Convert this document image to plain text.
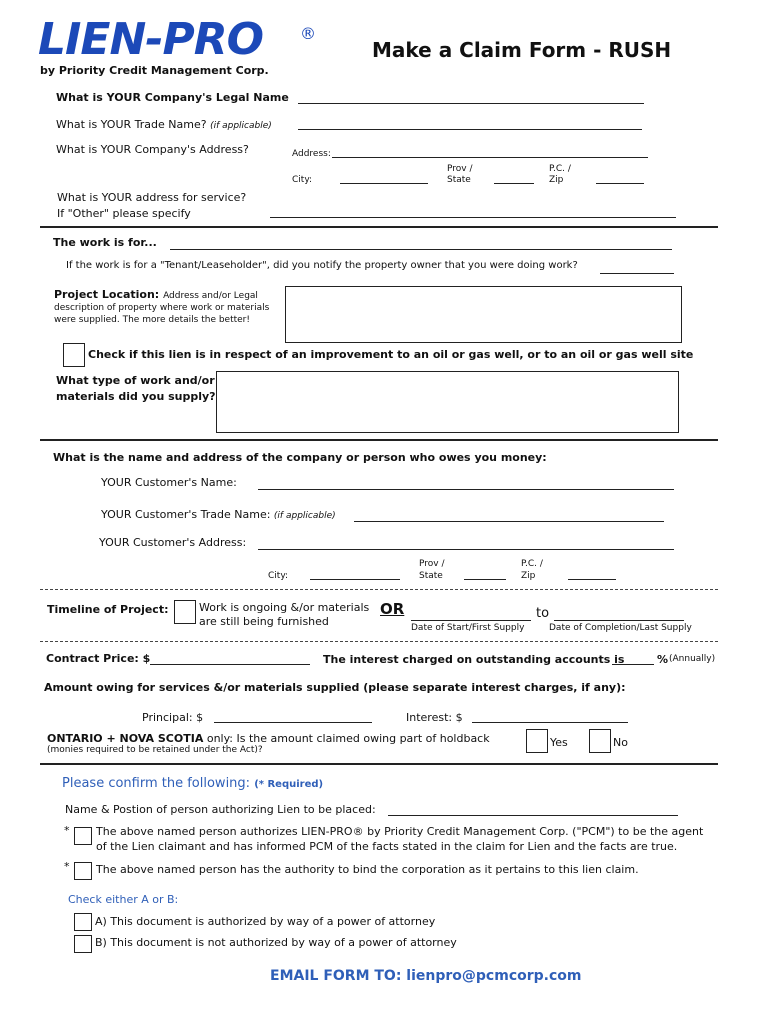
LIEN-PRO ®
by Priority Credit Management Corp.
Make a Claim Form - RUSH
What is YOUR Company's Legal Name
What is YOUR Trade Name? (if applicable)
What is YOUR Company's Address?	Address:
City:
Prov /
State
P.C. /
Zip
What is YOUR address for service?
If "Other" please specify
The work is for...
If the work is for a "Tenant/Leaseholder", did you notify the property owner that you were doing work?
Project Location: Address and/or Legal
description of property where work or materials
were supplied. The more details the better!
Check if this lien is in respect of an improvement to an oil or gas well, or to an oil or gas well site
What type of work and/or
materials did you supply?
What is the name and address of the company or person who owes you money:
YOUR Customer's Name:
YOUR Customer's Trade Name: (if applicable)
YOUR Customer's Address:
City:
Prov /
State
P.C. /
Zip
Timeline of Project:	Work is ongoing &/or materials
are still being furnished
OR	to
Date of Start/First Supply	Date of Completion/Last Supply
Contract Price: $	The interest charged on outstanding accounts is	% (Annually)
Amount owing for services &/or materials supplied (please separate interest charges, if any):
Principal: $	Interest: $
ONTARIO + NOVA SCOTIA only: Is the amount claimed owing part of holdback
(monies required to be retained under the Act)?
Yes	No
Please confirm the following: (* Required)
Name & Postion of person authorizing Lien to be placed:
* The above named person authorizes LIEN-PRO® by Priority Credit Management Corp. ("PCM") to be the agent
of the Lien claimant and has informed PCM of the facts stated in the claim for Lien and the facts are true.
* The above named person has the authority to bind the corporation as it pertains to this lien claim.
Check either A or B:
A) This document is authorized by way of a power of attorney
B) This document is not authorized by way of a power of attorney
EMAIL FORM TO: lienpro@pcmcorp.com
